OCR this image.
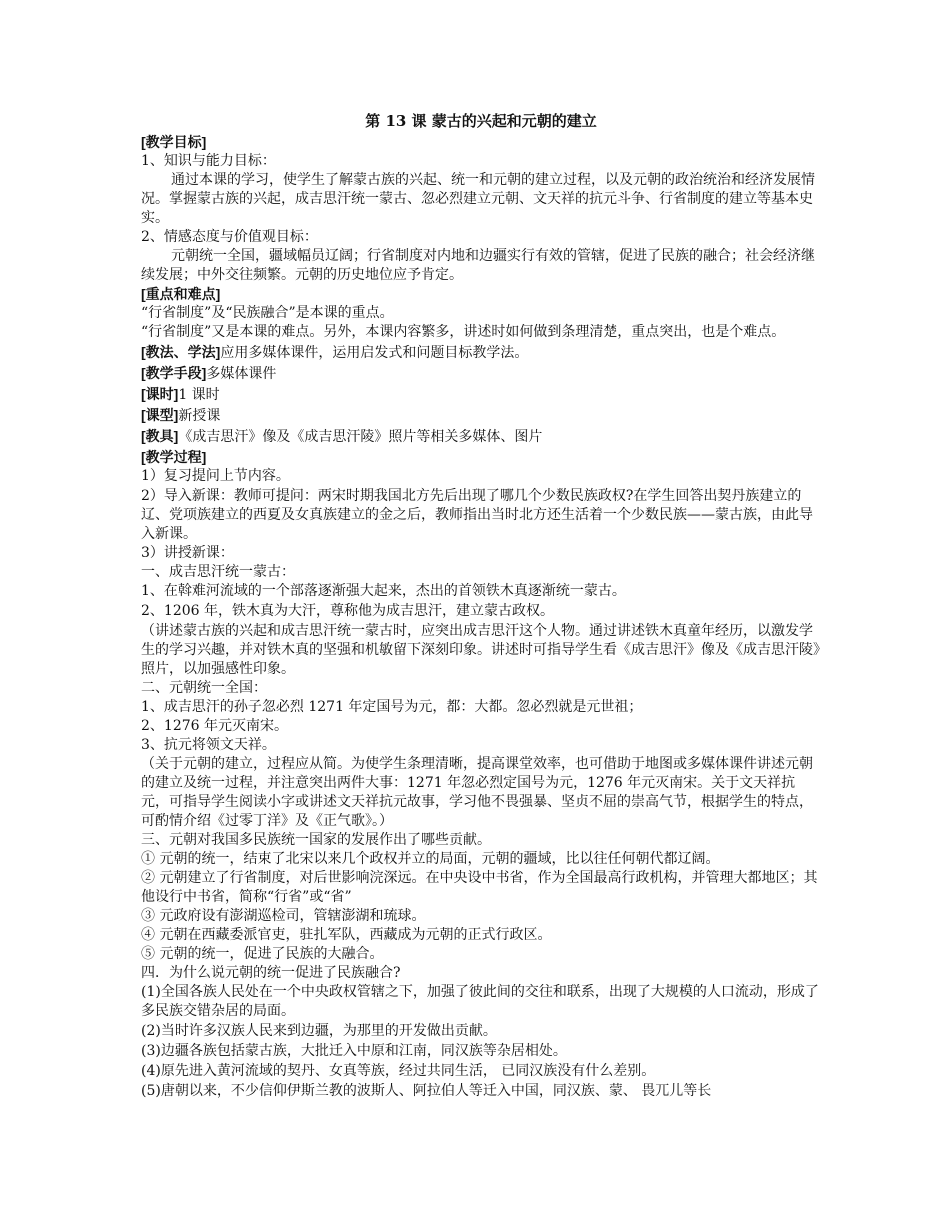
第 13 课 蒙古的兴起和元朝的建立
[教学目标]
1、知识与能力目标：
通过本课的学习，使学生了解蒙古族的兴起、统一和元朝的建立过程，以及元朝的政治统治和经济发展情况。掌握蒙古族的兴起，成吉思汗统一蒙古、忽必烈建立元朝、文天祥的抗元斗争、行省制度的建立等基本史实。
2、情感态度与价值观目标：
元朝统一全国，疆域幅员辽阔；行省制度对内地和边疆实行有效的管辖，促进了民族的融合；社会经济继续发展；中外交往频繁。元朝的历史地位应予肯定。
[重点和难点]
“行省制度”及“民族融合”是本课的重点。
“行省制度”又是本课的难点。另外，本课内容繁多，讲述时如何做到条理清楚，重点突出，也是个难点。
[教法、学法]应用多媒体课件，运用启发式和问题目标教学法。
[教学手段]多媒体课件
[课时]1 课时
[课型]新授课
[教具]《成吉思汗》像及《成吉思汗陵》照片等相关多媒体、图片
[教学过程]
1）复习提问上节内容。
2）导入新课：教师可提问：两宋时期我国北方先后出现了哪几个少数民族政权?在学生回答出契丹族建立的辽、党项族建立的西夏及女真族建立的金之后，教师指出当时北方还生活着一个少数民族——蒙古族，由此导入新课。
3）讲授新课：
一、成吉思汗统一蒙古：
1、在斡难河流域的一个部落逐渐强大起来，杰出的首领铁木真逐渐统一蒙古。
2、1206 年，铁木真为大汗，尊称他为成吉思汗，建立蒙古政权。
（讲述蒙古族的兴起和成吉思汗统一蒙古时，应突出成吉思汗这个人物。通过讲述铁木真童年经历，以激发学生的学习兴趣，并对铁木真的坚强和机敏留下深刻印象。讲述时可指导学生看《成吉思汗》像及《成吉思汗陵》照片，以加强感性印象。
二、元朝统一全国：
1、成吉思汗的孙子忽必烈 1271 年定国号为元，都：大都。忽必烈就是元世祖；
2、1276 年元灭南宋。
3、抗元将领文天祥。
（关于元朝的建立，过程应从简。为使学生条理清晰，提高课堂效率，也可借助于地图或多媒体课件讲述元朝的建立及统一过程，并注意突出两件大事：1271 年忽必烈定国号为元，1276 年元灭南宋。关于文天祥抗元，可指导学生阅读小字或讲述文天祥抗元故事，学习他不畏强暴、坚贞不屈的崇高气节，根据学生的特点，可酌情介绍《过零丁洋》及《正气歌》。）
三、元朝对我国多民族统一国家的发展作出了哪些贡献。
① 元朝的统一，结束了北宋以来几个政权并立的局面，元朝的疆域，比以往任何朝代都辽阔。
② 元朝建立了行省制度，对后世影响浣深远。在中央设中书省，作为全国最高行政机构，并管理大都地区；其他设行中书省，简称“行省”或“省”
③ 元政府设有澎湖巡检司，管辖澎湖和琉球。
④ 元朝在西藏委派官吏，驻扎军队，西藏成为元朝的正式行政区。
⑤ 元朝的统一，促进了民族的大融合。
四．为什么说元朝的统一促进了民族融合?
(1)全国各族人民处在一个中央政权管辖之下，加强了彼此间的交往和联系，出现了大规模的人口流动，形成了多民族交错杂居的局面。
(2)当时许多汉族人民来到边疆，为那里的开发做出贡献。
(3)边疆各族包括蒙古族，大批迁入中原和江南，同汉族等杂居相处。
(4)原先进入黄河流域的契丹、女真等族，经过共同生活， 已同汉族没有什么差别。
(5)唐朝以来，不少信仰伊斯兰教的波斯人、阿拉伯人等迁入中国，同汉族、蒙、 畏兀儿等长
